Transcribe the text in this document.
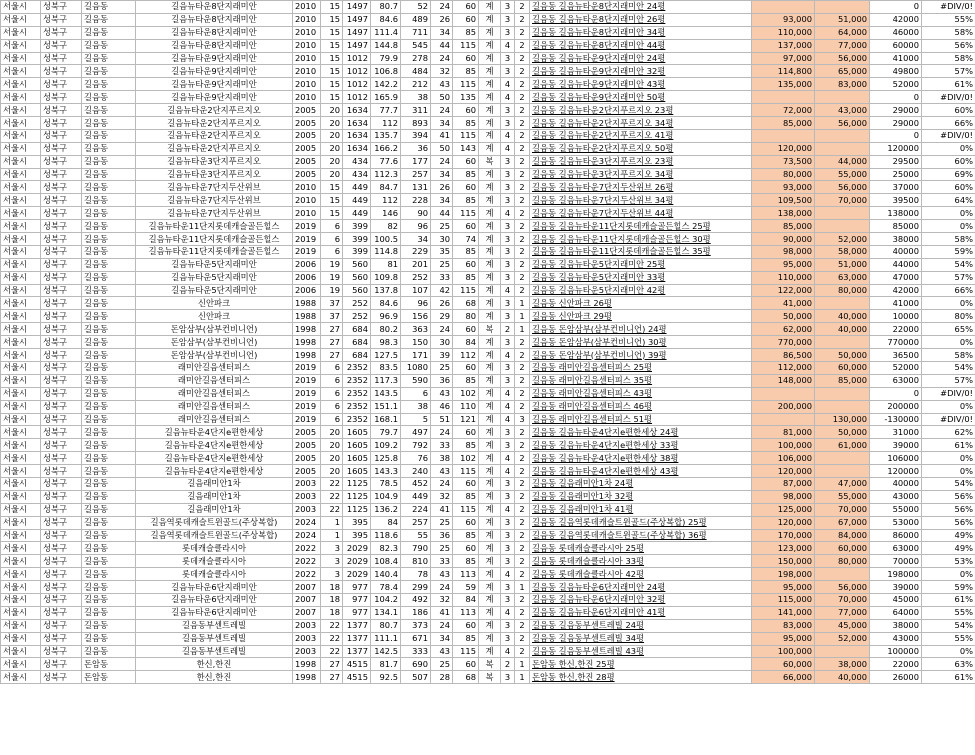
서울시	성북구	길음동	길음뉴타운8단지래미안	2010	15	1497	80.7	52	24	60	계	3	2	길음동 길음뉴타운8단지래미안 24평			0	#DIV/0!
서울시	성북구	길음동	길음뉴타운8단지래미안	2010	15	1497	84.6	489	26	60	계	3	2	길음동 길음뉴타운8단지래미안 26평	93,000	51,000	42000	55%
서울시	성북구	길음동	길음뉴타운8단지래미안	2010	15	1497	111.4	711	34	85	계	3	2	길음동 길음뉴타운8단지래미안 34평	110,000	64,000	46000	58%
서울시	성북구	길음동	길음뉴타운8단지래미안	2010	15	1497	144.8	545	44	115	계	4	2	길음동 길음뉴타운8단지래미안 44평	137,000	77,000	60000	56%
서울시	성북구	길음동	길음뉴타운9단지래미안	2010	15	1012	79.9	278	24	60	계	3	2	길음동 길음뉴타운9단지래미안 24평	97,000	56,000	41000	58%
서울시	성북구	길음동	길음뉴타운9단지래미안	2010	15	1012	106.8	484	32	85	계	3	2	길음동 길음뉴타운9단지래미안 32평	114,800	65,000	49800	57%
서울시	성북구	길음동	길음뉴타운9단지래미안	2010	15	1012	142.2	212	43	115	계	4	2	길음동 길음뉴타운9단지래미안 43평	135,000	83,000	52000	61%
서울시	성북구	길음동	길음뉴타운9단지래미안	2010	15	1012	165.9	38	50	135	계	4	2	길음동 길음뉴타운9단지래미안 50평			0	#DIV/0!
서울시	성북구	길음동	길음뉴타운2단지푸르지오	2005	20	1634	77.7	311	24	60	계	3	2	길음동 길음뉴타운2단지푸르지오 23평	72,000	43,000	29000	60%
서울시	성북구	길음동	길음뉴타운2단지푸르지오	2005	20	1634	112	893	34	85	계	3	2	길음동 길음뉴타운2단지푸르지오 34평	85,000	56,000	29000	66%
서울시	성북구	길음동	길음뉴타운2단지푸르지오	2005	20	1634	135.7	394	41	115	계	4	2	길음동 길음뉴타운2단지푸르지오 41평			0	#DIV/0!
서울시	성북구	길음동	길음뉴타운2단지푸르지오	2005	20	1634	166.2	36	50	143	계	4	2	길음동 길음뉴타운2단지푸르지오 50평	120,000		120000	0%
서울시	성북구	길음동	길음뉴타운3단지푸르지오	2005	20	434	77.6	177	24	60	복	3	2	길음동 길음뉴타운3단지푸르지오 23평	73,500	44,000	29500	60%
서울시	성북구	길음동	길음뉴타운3단지푸르지오	2005	20	434	112.3	257	34	85	계	3	2	길음동 길음뉴타운3단지푸르지오 34평	80,000	55,000	25000	69%
서울시	성북구	길음동	길음뉴타운7단지두산위브	2010	15	449	84.7	131	26	60	계	3	2	길음동 길음뉴타운7단지두산위브 26평	93,000	56,000	37000	60%
서울시	성북구	길음동	길음뉴타운7단지두산위브	2010	15	449	112	228	34	85	계	3	2	길음동 길음뉴타운7단지두산위브 34평	109,500	70,000	39500	64%
서울시	성북구	길음동	길음뉴타운7단지두산위브	2010	15	449	146	90	44	115	계	4	2	길음동 길음뉴타운7단지두산위브 44평	138,000		138000	0%
서울시	성북구	길음동	길음뉴타운11단지롯데캐슬골든힐스	2019	6	399	82	96	25	60	계	3	2	길음동 길음뉴타운11단지롯데캐슬골든힐스 25평	85,000		85000	0%
서울시	성북구	길음동	길음뉴타운11단지롯데캐슬골든힐스	2019	6	399	100.5	34	30	74	계	3	2	길음동 길음뉴타운11단지롯데캐슬골든힐스 30평	90,000	52,000	38000	58%
서울시	성북구	길음동	길음뉴타운11단지롯데캐슬골든힐스	2019	6	399	114.8	229	35	85	계	3	2	길음동 길음뉴타운11단지롯데캐슬골든힐스 35평	98,000	58,000	40000	59%
서울시	성북구	길음동	길음뉴타운5단지래미안	2006	19	560	81	201	25	60	계	3	2	길음동 길음뉴타운5단지래미안 25평	95,000	51,000	44000	54%
서울시	성북구	길음동	길음뉴타운5단지래미안	2006	19	560	109.8	252	33	85	계	3	2	길음동 길음뉴타운5단지래미안 33평	110,000	63,000	47000	57%
서울시	성북구	길음동	길음뉴타운5단지래미안	2006	19	560	137.8	107	42	115	계	4	2	길음동 길음뉴타운5단지래미안 42평	122,000	80,000	42000	66%
서울시	성북구	길음동	신안파크	1988	37	252	84.6	96	26	68	계	3	1	길음동 신안파크 26평	41,000		41000	0%
서울시	성북구	길음동	신안파크	1988	37	252	96.9	156	29	80	계	3	1	길음동 신안파크 29평	50,000	40,000	10000	80%
서울시	성북구	길음동	돈암삼부(삼부컨비니언)	1998	27	684	80.2	363	24	60	복	2	1	길음동 돈암삼부(삼부컨비니언) 24평	62,000	40,000	22000	65%
서울시	성북구	길음동	돈암삼부(삼부컨비니언)	1998	27	684	98.3	150	30	84	계	3	2	길음동 돈암삼부(삼부컨비니언) 30평	770,000		770000	0%
서울시	성북구	길음동	돈암삼부(삼부컨비니언)	1998	27	684	127.5	171	39	112	계	4	2	길음동 돈암삼부(삼부컨비니언) 39평	86,500	50,000	36500	58%
서울시	성북구	길음동	래미안길음센터피스	2019	6	2352	83.5	1080	25	60	계	3	2	길음동 래미안길음센터피스 25평	112,000	60,000	52000	54%
서울시	성북구	길음동	래미안길음센터피스	2019	6	2352	117.3	590	36	85	계	3	2	길음동 래미안길음센터피스 35평	148,000	85,000	63000	57%
서울시	성북구	길음동	래미안길음센터피스	2019	6	2352	143.5	6	43	102	계	4	2	길음동 래미안길음센터피스 43평			0	#DIV/0!
서울시	성북구	길음동	래미안길음센터피스	2019	6	2352	151.1	38	46	110	계	4	2	길음동 래미안길음센터피스 46평	200,000		200000	0%
서울시	성북구	길음동	래미안길음센터피스	2019	6	2352	168.1	5	51	121	계	4	3	길음동 래미안길음센터피스 51평		130,000	-130000	#DIV/0!
서울시	성북구	길음동	길음뉴타운4단지e편한세상	2005	20	1605	79.7	497	24	60	계	3	2	길음동 길음뉴타운4단지e편한세상 24평	81,000	50,000	31000	62%
서울시	성북구	길음동	길음뉴타운4단지e편한세상	2005	20	1605	109.2	792	33	85	계	3	2	길음동 길음뉴타운4단지e편한세상 33평	100,000	61,000	39000	61%
서울시	성북구	길음동	길음뉴타운4단지e편한세상	2005	20	1605	125.8	76	38	102	계	4	2	길음동 길음뉴타운4단지e편한세상 38평	106,000		106000	0%
서울시	성북구	길음동	길음뉴타운4단지e편한세상	2005	20	1605	143.3	240	43	115	계	4	2	길음동 길음뉴타운4단지e편한세상 43평	120,000		120000	0%
서울시	성북구	길음동	길음래미안1차	2003	22	1125	78.5	452	24	60	계	3	2	길음동 길음래미안1차 24평	87,000	47,000	40000	54%
서울시	성북구	길음동	길음래미안1차	2003	22	1125	104.9	449	32	85	계	3	2	길음동 길음래미안1차 32평	98,000	55,000	43000	56%
서울시	성북구	길음동	길음래미안1차	2003	22	1125	136.2	224	41	115	계	4	2	길음동 길음래미안1차 41평	125,000	70,000	55000	56%
서울시	성북구	길음동	길음역롯데캐슬트윈골드(주상복합)	2024	1	395	84	257	25	60	계	3	2	길음동 길음역롯데캐슬트윈골드(주상복합) 25평	120,000	67,000	53000	56%
서울시	성북구	길음동	길음역롯데캐슬트윈골드(주상복합)	2024	1	395	118.6	55	36	85	계	3	2	길음동 길음역롯데캐슬트윈골드(주상복합) 36평	170,000	84,000	86000	49%
서울시	성북구	길음동	롯데캐슬클라시아	2022	3	2029	82.3	790	25	60	계	3	2	길음동 롯데캐슬클라시아 25평	123,000	60,000	63000	49%
서울시	성북구	길음동	롯데캐슬클라시아	2022	3	2029	108.4	810	33	85	계	3	2	길음동 롯데캐슬클라시아 33평	150,000	80,000	70000	53%
서울시	성북구	길음동	롯데캐슬클라시아	2022	3	2029	140.4	78	43	113	계	4	2	길음동 롯데캐슬클라시아 42평	198,000		198000	0%
서울시	성북구	길음동	길음뉴타운6단지래미안	2007	18	977	78.4	299	24	59	계	3	1	길음동 길음뉴타운6단지래미안 24평	95,000	56,000	39000	59%
서울시	성북구	길음동	길음뉴타운6단지래미안	2007	18	977	104.2	492	32	84	계	3	2	길음동 길음뉴타운6단지래미안 32평	115,000	70,000	45000	61%
서울시	성북구	길음동	길음뉴타운6단지래미안	2007	18	977	134.1	186	41	113	계	4	2	길음동 길음뉴타운6단지래미안 41평	141,000	77,000	64000	55%
서울시	성북구	길음동	길음동부센트레빌	2003	22	1377	80.7	373	24	60	계	3	2	길음동 길음동부센트레빌 24평	83,000	45,000	38000	54%
서울시	성북구	길음동	길음동부센트레빌	2003	22	1377	111.1	671	34	85	계	3	2	길음동 길음동부센트레빌 34평	95,000	52,000	43000	55%
서울시	성북구	길음동	길음동부센트레빌	2003	22	1377	142.5	333	43	115	계	4	2	길음동 길음동부센트레빌 43평	100,000		100000	0%
서울시	성북구	돈암동	한신,한진	1998	27	4515	81.7	690	25	60	복	2	1	돈암동 한신,한진 25평	60,000	38,000	22000	63%
서울시	성북구	돈암동	한신,한진	1998	27	4515	92.5	507	28	68	복	3	1	돈암동 한신,한진 28평	66,000	40,000	26000	61%
